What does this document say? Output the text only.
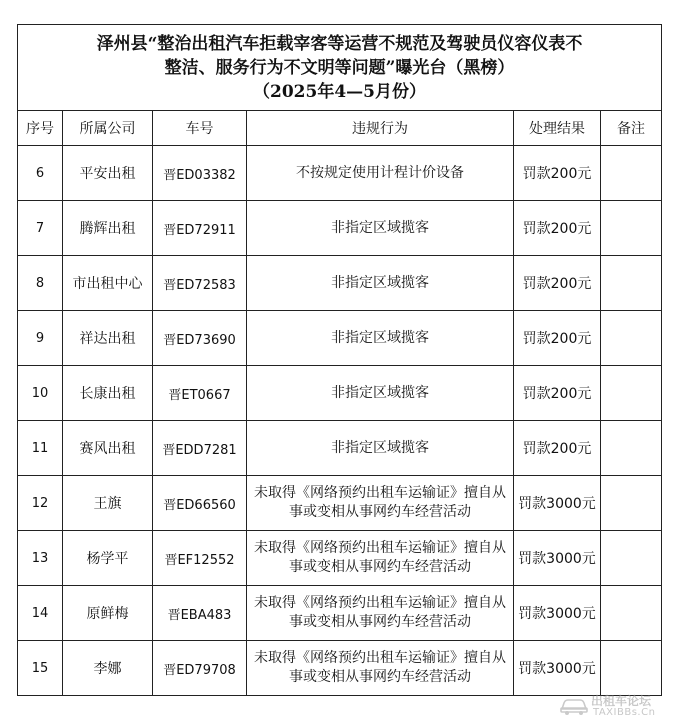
泽州县“整治出租汽车拒载宰客等运营不规范及驾驶员仪容仪表不
整洁、服务行为不文明等问题”曝光台（黑榜）
（2025年4—5月份）					

序号	所属公司	车号	违规行为	处理结果	备注
6	平安出租	晋ED03382	不按规定使用计程计价设备	罚款200元	
7	腾辉出租	晋ED72911	非指定区域揽客	罚款200元	
8	市出租中心	晋ED72583	非指定区域揽客	罚款200元	
9	祥达出租	晋ED73690	非指定区域揽客	罚款200元	
10	长康出租	晋ET0667	非指定区域揽客	罚款200元	
11	赛风出租	晋EDD7281	非指定区域揽客	罚款200元	
12	王旗	晋ED66560	未取得《网络预约出租车运输证》擅自从事或变相从事网约车经营活动	罚款3000元	
13	杨学平	晋EF12552	未取得《网络预约出租车运输证》擅自从事或变相从事网约车经营活动	罚款3000元	
14	原鲜梅	晋EBA483	未取得《网络预约出租车运输证》擅自从事或变相从事网约车经营活动	罚款3000元	
15	李娜	晋ED79708	未取得《网络预约出租车运输证》擅自从事或变相从事网约车经营活动	罚款3000元	
出租车论坛
TAXIBBs.Cn
